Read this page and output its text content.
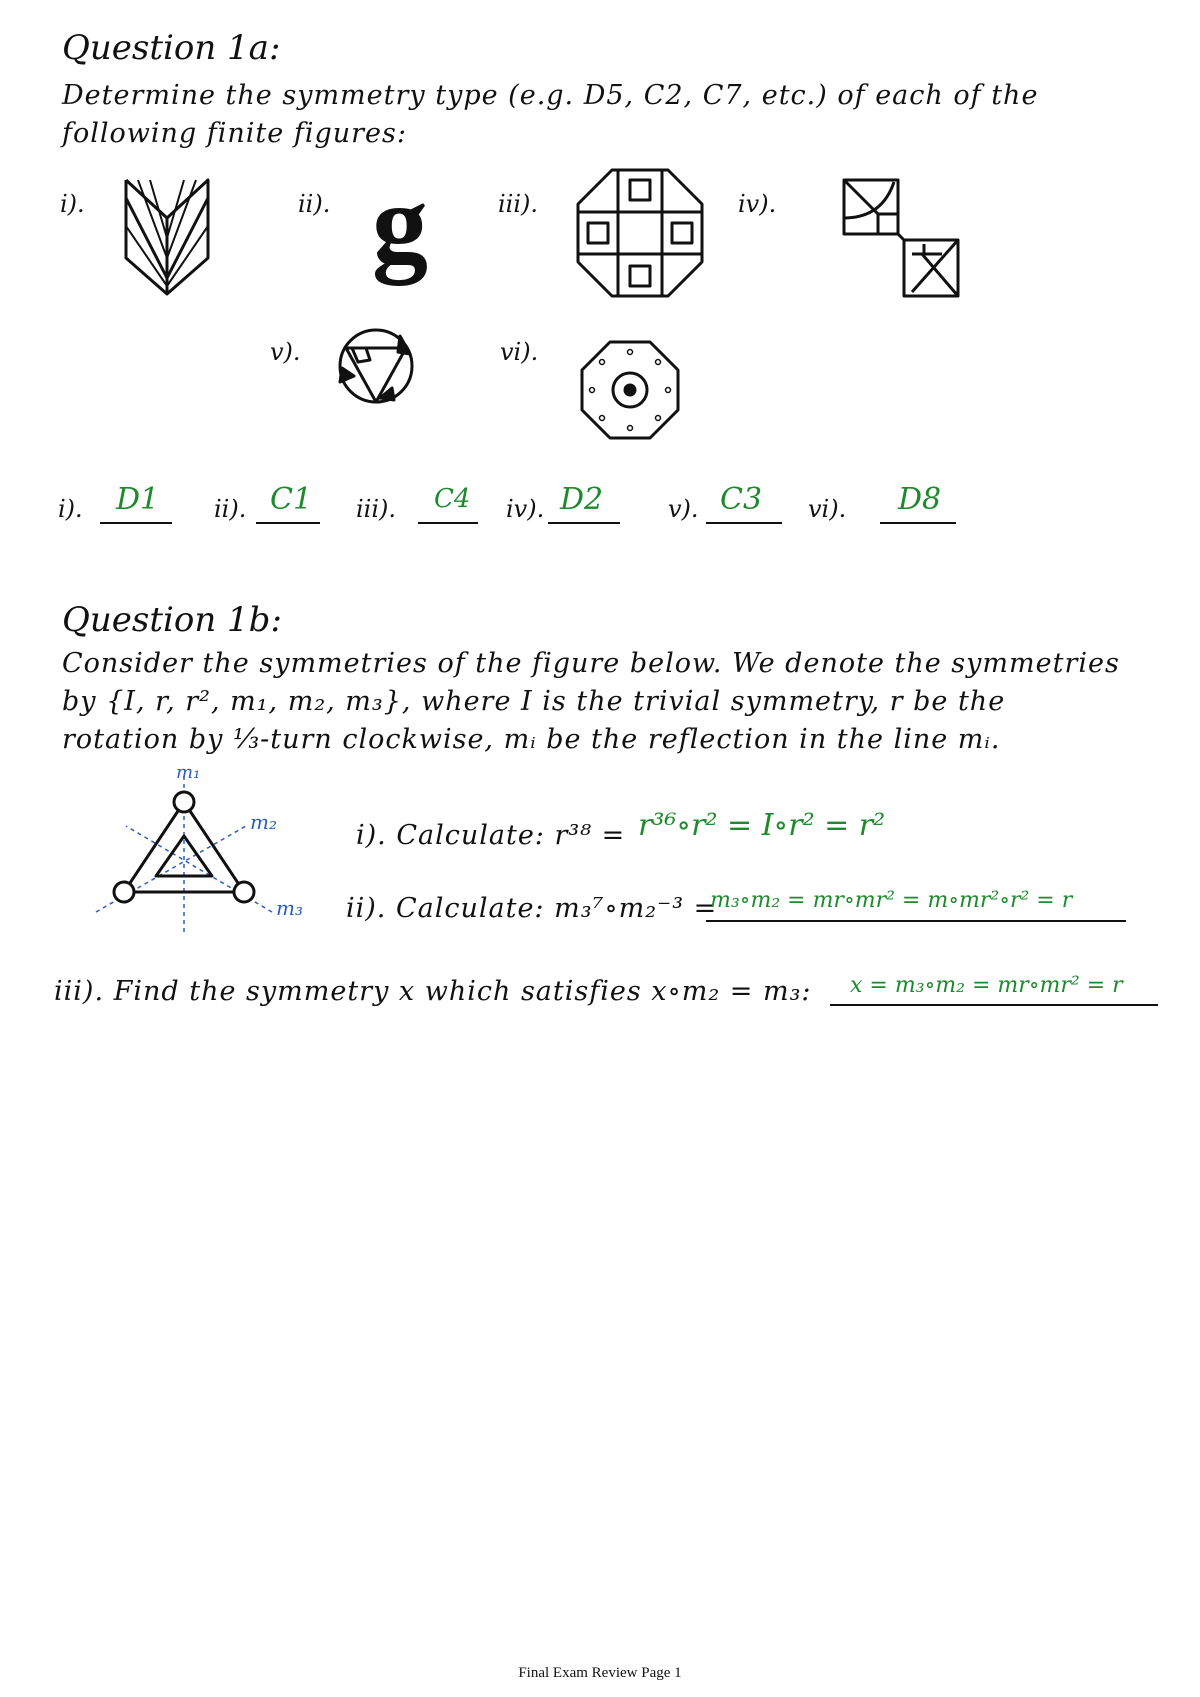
Question 1a:
Determine the symmetry type (e.g. D5, C2, C7, etc.) of each of the
following finite figures:
i).	ii).	iii).	iv).
v).	vi).
g
i). D1 ii). C1 iii). C4 iv). D2	v). C3 vi). D8
Question 1b:
Consider the symmetries of the figure below. We denote the symmetries
by {I, r, r², m₁, m₂, m₃}, where I is the trivial symmetry, r be the
rotation by ⅓-turn clockwise, mᵢ be the reflection in the line mᵢ.
m₁
m₂
m₃
i). Calculate: r³⁸ = r³⁶∘r² = I∘r² = r²
ii). Calculate: m₃⁷∘m₂⁻³ =
m₃∘m₂ = mr∘mr² = m∘mr²∘r² = r
iii). Find the symmetry x which satisfies x∘m₂ = m₃: x = m₃∘m₂ = mr∘mr² = r
Final Exam Review Page 1
